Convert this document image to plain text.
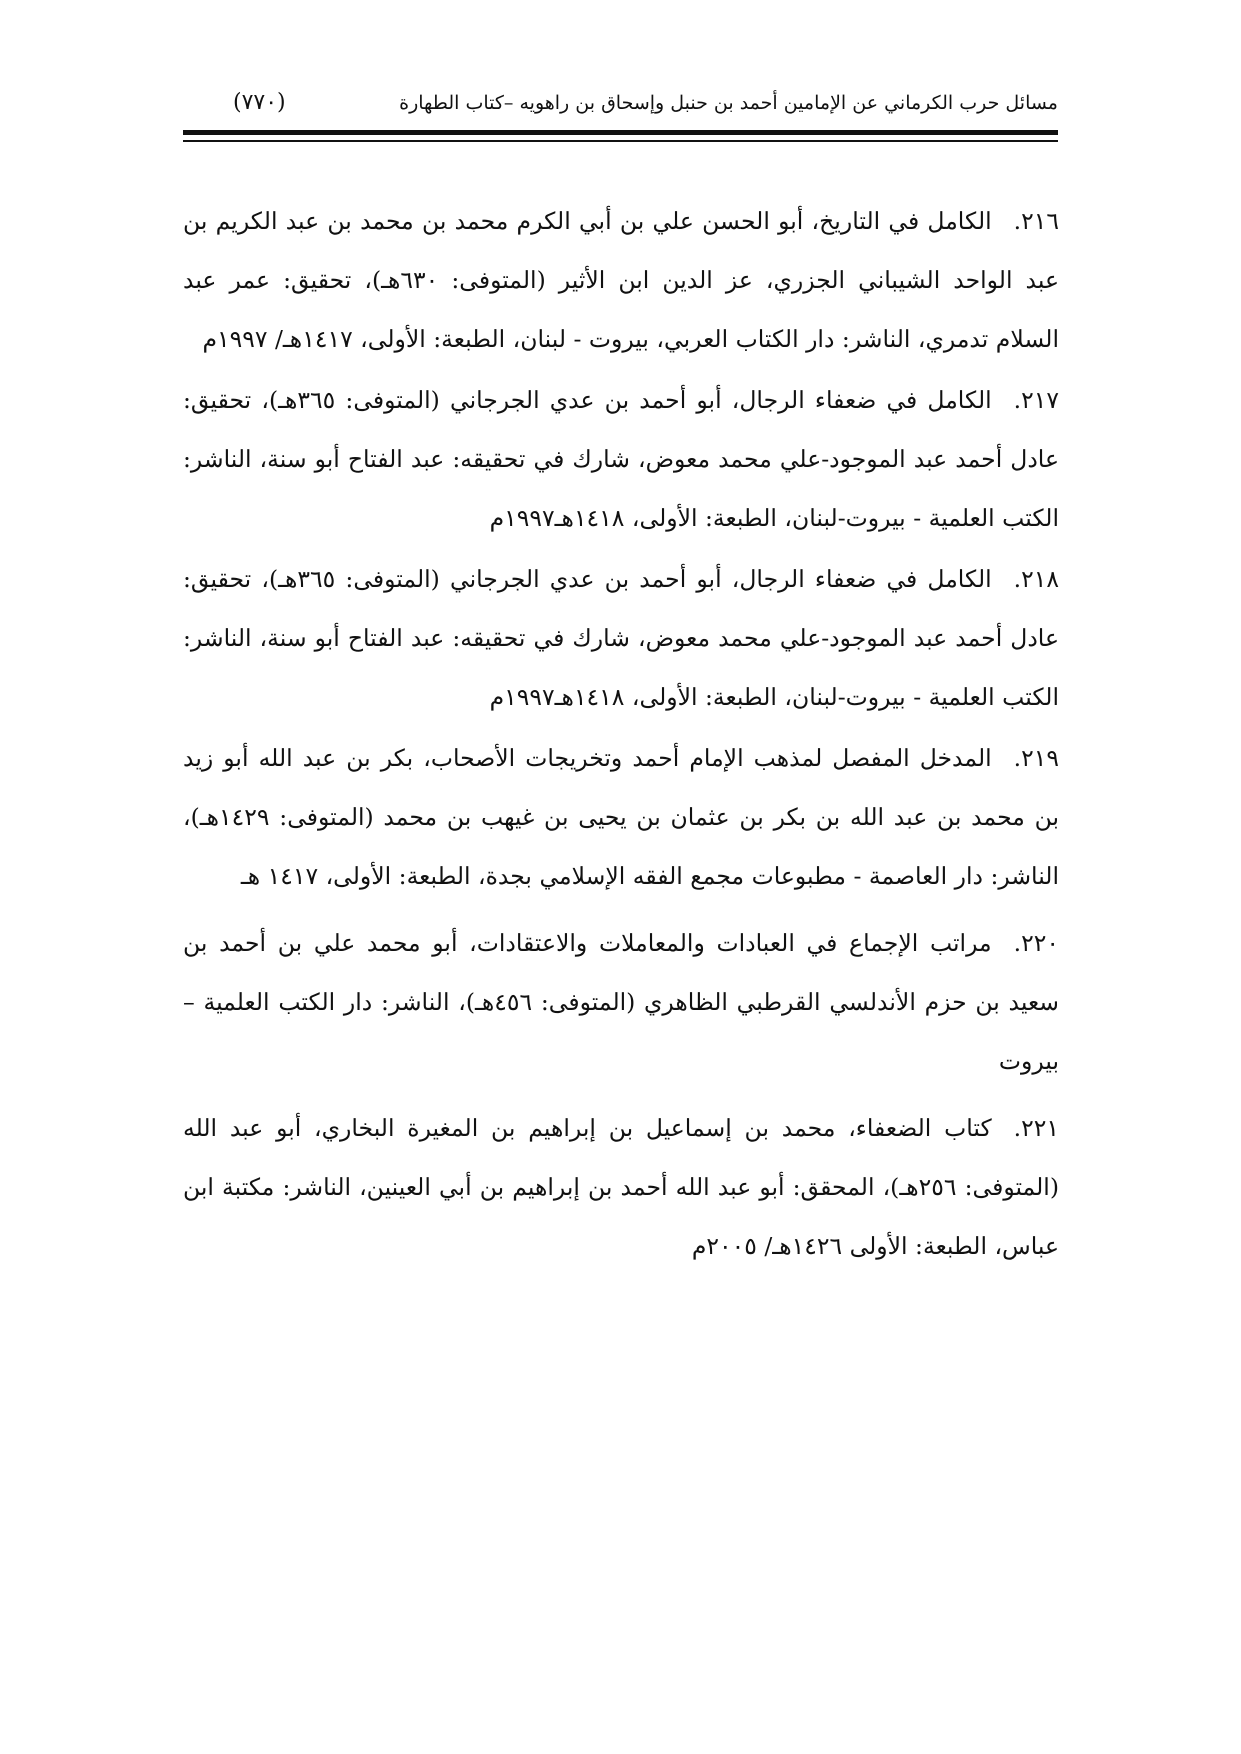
مسائل حرب الكرماني عن الإمامين أحمد بن حنبل وإسحاق بن راهويه –كتاب الطهارة
(٧٧٠)

٢١٦.الكامل في التاريخ، أبو الحسن علي بن أبي الكرم محمد بن محمد بن عبد الكريم بن عبد الواحد الشيباني الجزري، عز الدين ابن الأثير (المتوفى: ٦٣٠هـ)، تحقيق: عمر عبد السلام تدمري، الناشر: دار الكتاب العربي، بيروت - لبنان، الطبعة: الأولى، ١٤١٧هـ/ ١٩٩٧م

٢١٧.الكامل في ضعفاء الرجال، أبو أحمد بن عدي الجرجاني (المتوفى: ٣٦٥هـ)، تحقيق: عادل أحمد عبد الموجود-علي محمد معوض، شارك في تحقيقه: عبد الفتاح أبو سنة، الناشر: الكتب العلمية - بيروت-لبنان، الطبعة: الأولى، ١٤١٨هـ١٩٩٧م

٢١٨.الكامل في ضعفاء الرجال، أبو أحمد بن عدي الجرجاني (المتوفى: ٣٦٥هـ)، تحقيق: عادل أحمد عبد الموجود-علي محمد معوض، شارك في تحقيقه: عبد الفتاح أبو سنة، الناشر: الكتب العلمية - بيروت-لبنان، الطبعة: الأولى، ١٤١٨هـ١٩٩٧م

٢١٩.المدخل المفصل لمذهب الإمام أحمد وتخريجات الأصحاب، بكر بن عبد الله أبو زيد بن محمد بن عبد الله بن بكر بن عثمان بن يحيى بن غيهب بن محمد (المتوفى: ١٤٢٩هـ)، الناشر: دار العاصمة - مطبوعات مجمع الفقه الإسلامي بجدة، الطبعة: الأولى، ١٤١٧ هـ

٢٢٠.مراتب الإجماع في العبادات والمعاملات والاعتقادات، أبو محمد علي بن أحمد بن سعيد بن حزم الأندلسي القرطبي الظاهري (المتوفى: ٤٥٦هـ)، الناشر: دار الكتب العلمية –بيروت

٢٢١.كتاب الضعفاء، محمد بن إسماعيل بن إبراهيم بن المغيرة البخاري، أبو عبد الله (المتوفى: ٢٥٦هـ)، المحقق: أبو عبد الله أحمد بن إبراهيم بن أبي العينين، الناشر: مكتبة ابن عباس، الطبعة: الأولى ١٤٢٦هـ/ ٢٠٠٥م
